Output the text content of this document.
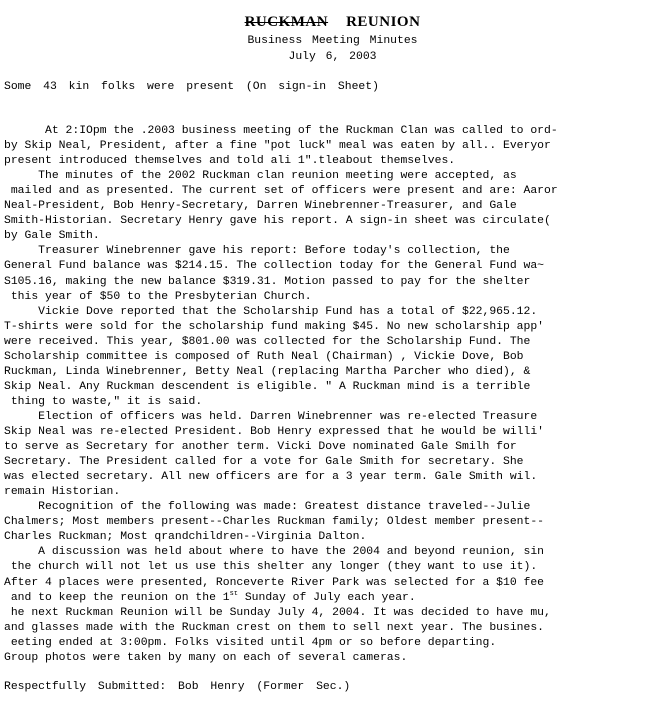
RUCKMAN REUNION
Business Meeting Minutes
July 6, 2003
Some 43 kin folks were present (On sign-in Sheet)
At 2:IOpm the .2003 business meeting of the Ruckman Clan was called to ord-
by Skip Neal, President, after a fine "pot luck" meal was eaten by all.. Everyor
present introduced themselves and told ali 1".tleabout themselves.
The minutes of the 2002 Ruckman clan reunion meeting were accepted, as
mailed and as presented. The current set of officers were present and are: Aaror
Neal-President, Bob Henry-Secretary, Darren Winebrenner-Treasurer, and Gale
Smith-Historian. Secretary Henry gave his report. A sign-in sheet was circulate(
by Gale Smith.
Treasurer Winebrenner gave his report: Before today's collection, the
General Fund balance was $214.15. The collection today for the General Fund wa~
S105.16, making the new balance $319.31. Motion passed to pay for the shelter
this year of $50 to the Presbyterian Church.
Vickie Dove reported that the Scholarship Fund has a total of $22,965.12.
T-shirts were sold for the scholarship fund making $45. No new scholarship app'
were received. This year, $801.00 was collected for the Scholarship Fund. The
Scholarship committee is composed of Ruth Neal (Chairman) , Vickie Dove, Bob
Ruckman, Linda Winebrenner, Betty Neal (replacing Martha Parcher who died), &
Skip Neal. Any Ruckman descendent is eligible. " A Ruckman mind is a terrible
thing to waste," it is said.
Election of officers was held. Darren Winebrenner was re-elected Treasure
Skip Neal was re-elected President. Bob Henry expressed that he would be willi'
to serve as Secretary for another term. Vicki Dove nominated Gale Smilh for
Secretary. The President called for a vote for Gale Smith for secretary. She
was elected secretary. All new officers are for a 3 year term. Gale Smith wil.
remain Historian.
Recognition of the following was made: Greatest distance traveled--Julie
Chalmers; Most members present--Charles Ruckman family; Oldest member present--
Charles Ruckman; Most qrandchildren--Virginia Dalton.
A discussion was held about where to have the 2004 and beyond reunion, sin
the church will not let us use this shelter any longer (they want to use it).
After 4 places were presented, Ronceverte River Park was selected for a $10 fee
and to keep the reunion on the 1st Sunday of July each year.
he next Ruckman Reunion will be Sunday July 4, 2004. It was decided to have mu,
and glasses made with the Ruckman crest on them to sell next year. The busines.
eeting ended at 3:00pm. Folks visited until 4pm or so before departing.
Group photos were taken by many on each of several cameras.
Respectfully Submitted: Bob Henry (Former Sec.)
